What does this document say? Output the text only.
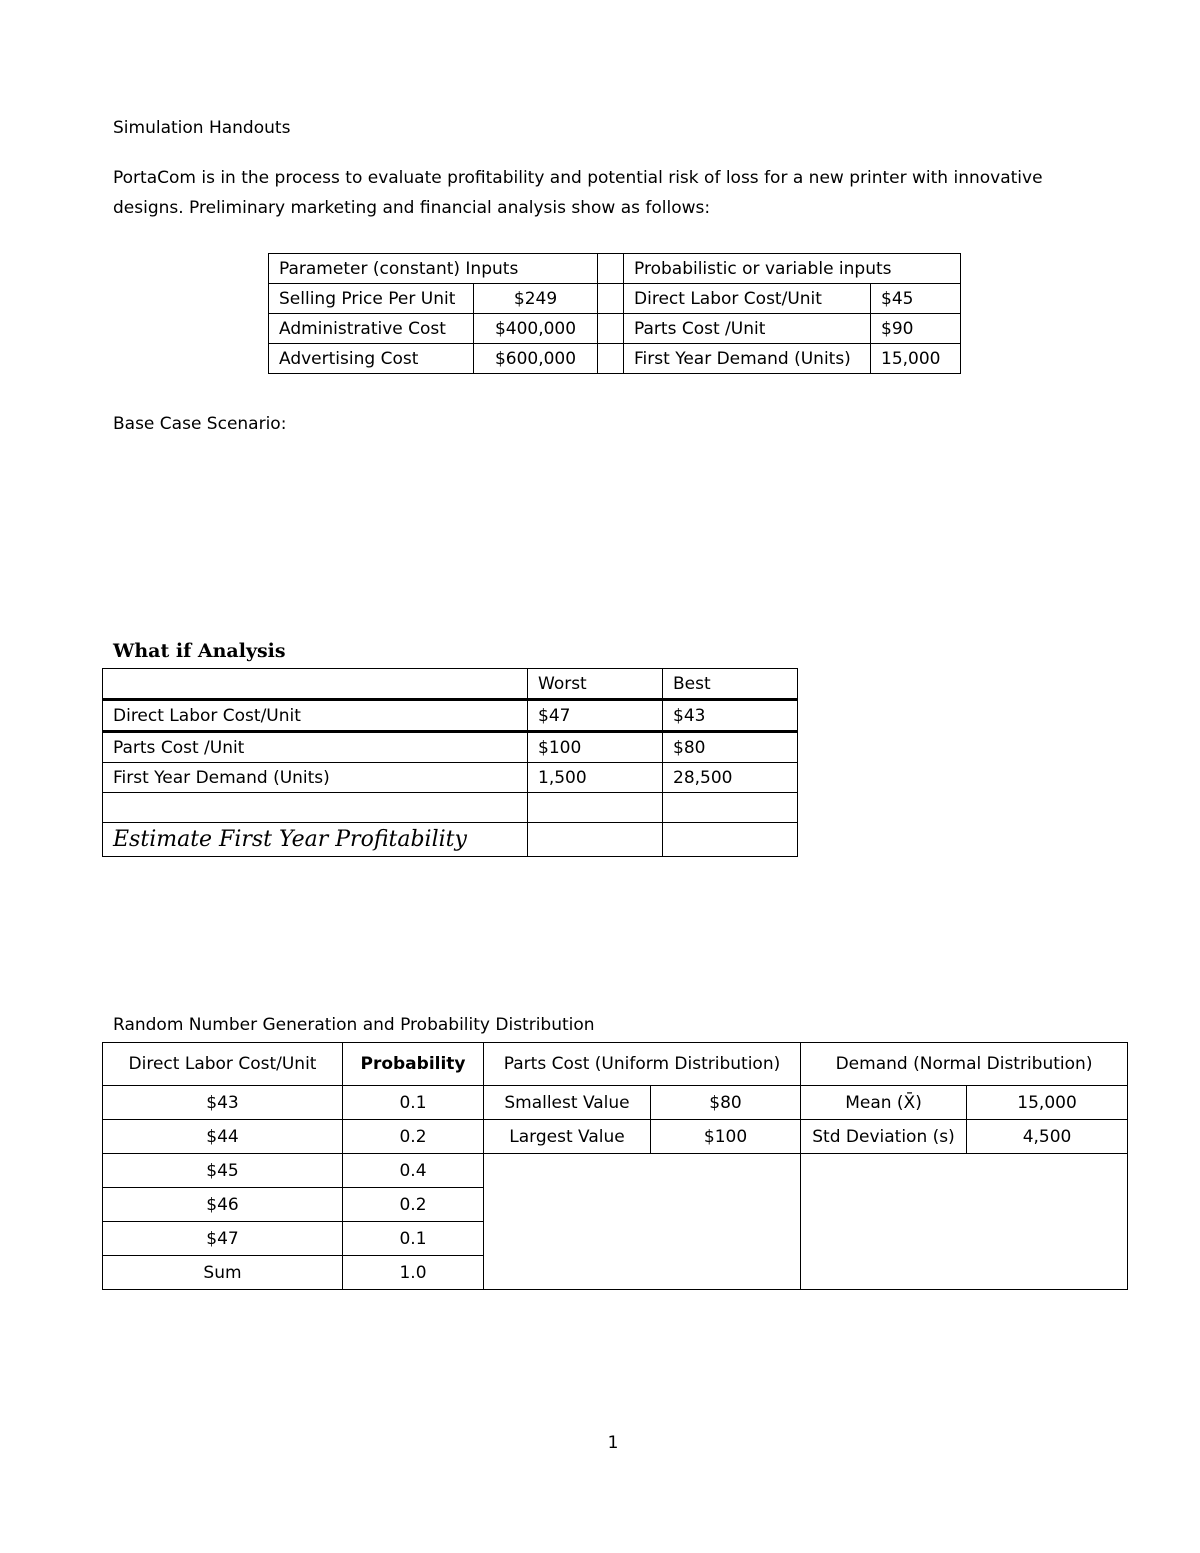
Simulation Handouts
PortaCom is in the process to evaluate profitability and potential risk of loss for a new printer with innovative
designs. Preliminary marketing and financial analysis show as follows:
Parameter (constant) Inputs			Probabilistic or variable inputs	
Selling Price Per Unit	$249		Direct Labor Cost/Unit	$45
Administrative Cost	$400,000		Parts Cost /Unit	$90
Advertising Cost	$600,000		First Year Demand (Units)	15,000
Base Case Scenario:
What if Analysis
	Worst	Best
Direct Labor Cost/Unit	$47	$43
Parts Cost /Unit	$100	$80
First Year Demand (Units)	1,500	28,500

Estimate First Year Profitability		
Random Number Generation and Probability Distribution
Direct Labor Cost/Unit	Probability	Parts Cost (Uniform Distribution)		Demand (Normal Distribution)	
$43	0.1	Smallest Value	$80	Mean (X̄)	15,000
$44	0.2	Largest Value	$100	Std Deviation (s)	4,500
$45	0.4				
$46	0.2				
$47	0.1				
Sum	1.0				
1
